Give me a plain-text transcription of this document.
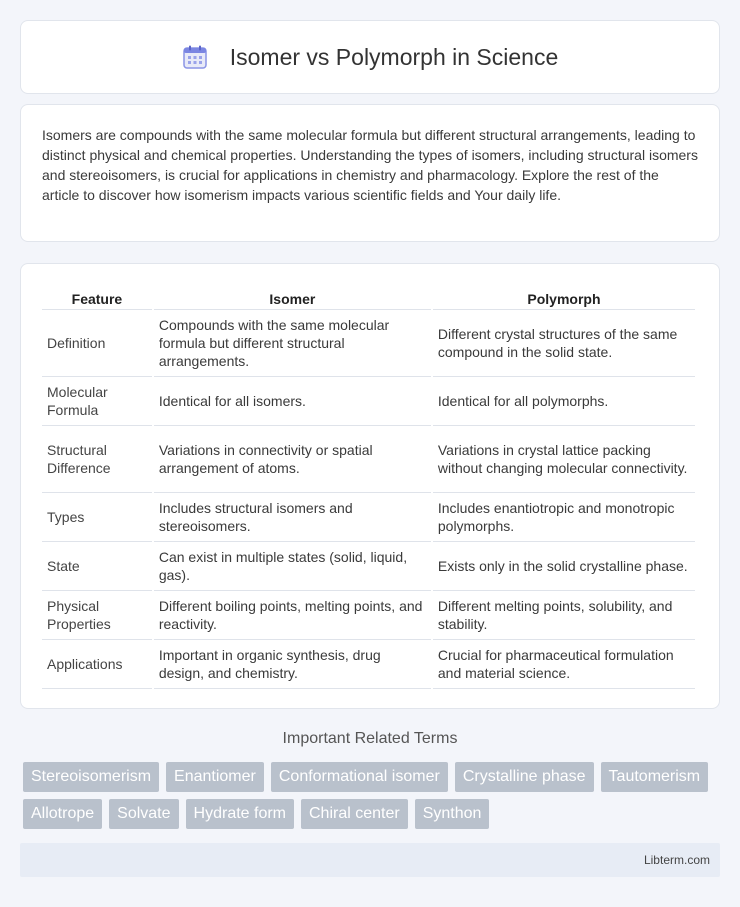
Isomer vs Polymorph in Science

Isomers are compounds with the same molecular formula but different structural arrangements, leading to distinct physical and chemical properties. Understanding the types of isomers, including structural isomers and stereoisomers, is crucial for applications in chemistry and pharmacology. Explore the rest of the article to discover how isomerism impacts various scientific fields and Your daily life.

Feature	Isomer	Polymorph
Definition	Compounds with the same molecular formula but different structural arrangements.	Different crystal structures of the same compound in the solid state.
Molecular Formula	Identical for all isomers.	Identical for all polymorphs.
Structural Difference	Variations in connectivity or spatial arrangement of atoms.	Variations in crystal lattice packing without changing molecular connectivity.
Types	Includes structural isomers and stereoisomers.	Includes enantiotropic and monotropic polymorphs.
State	Can exist in multiple states (solid, liquid, gas).	Exists only in the solid crystalline phase.
Physical Properties	Different boiling points, melting points, and reactivity.	Different melting points, solubility, and stability.
Applications	Important in organic synthesis, drug design, and chemistry.	Crucial for pharmaceutical formulation and material science.
Important Related Terms
Stereoisomerism	Enantiomer	Conformational isomer	Crystalline phase	Tautomerism
Allotrope	Solvate	Hydrate form	Chiral center	Synthon
Libterm.com
